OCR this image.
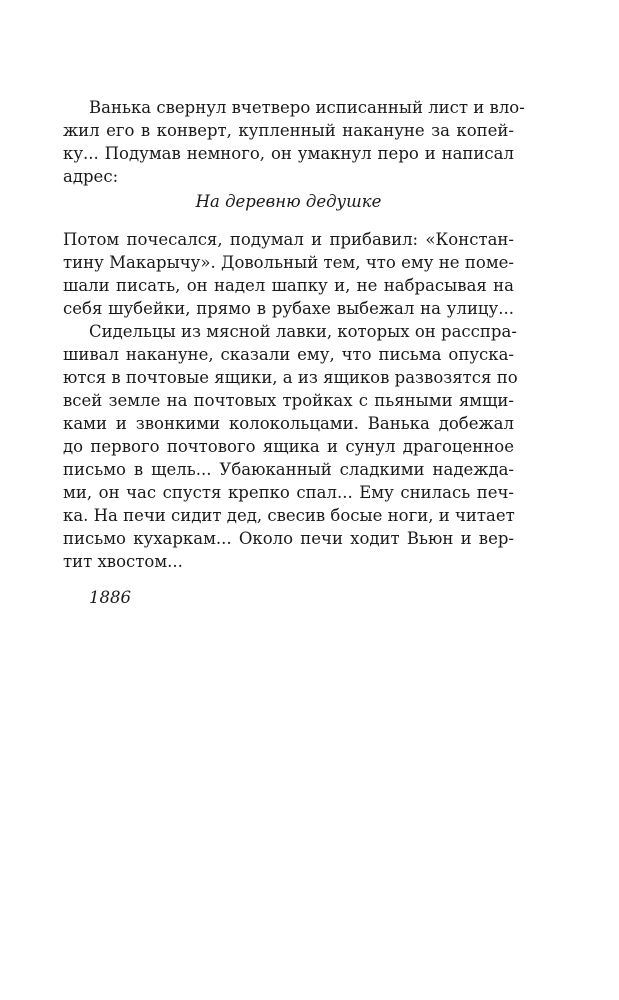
Ванька свернул вчетверо исписанный лист и вло-
жил его в конверт, купленный накануне за копей-
ку... Подумав немного, он умакнул перо и написал
адрес:
На деревню дедушке
Потом почесался, подумал и прибавил: «Констан-
тину Макарычу». Довольный тем, что ему не поме-
шали писать, он надел шапку и, не набрасывая на
себя шубейки, прямо в рубахе выбежал на улицу...
Сидельцы из мясной лавки, которых он расспра-
шивал накануне, сказали ему, что письма опуска-
ются в почтовые ящики, а из ящиков развозятся по
всей земле на почтовых тройках с пьяными ямщи-
ками и звонкими колокольцами. Ванька добежал
до первого почтового ящика и сунул драгоценное
письмо в щель... Убаюканный сладкими надежда-
ми, он час спустя крепко спал... Ему снилась печ-
ка. На печи сидит дед, свесив босые ноги, и читает
письмо кухаркам... Около печи ходит Вьюн и вер-
тит хвостом...
1886
